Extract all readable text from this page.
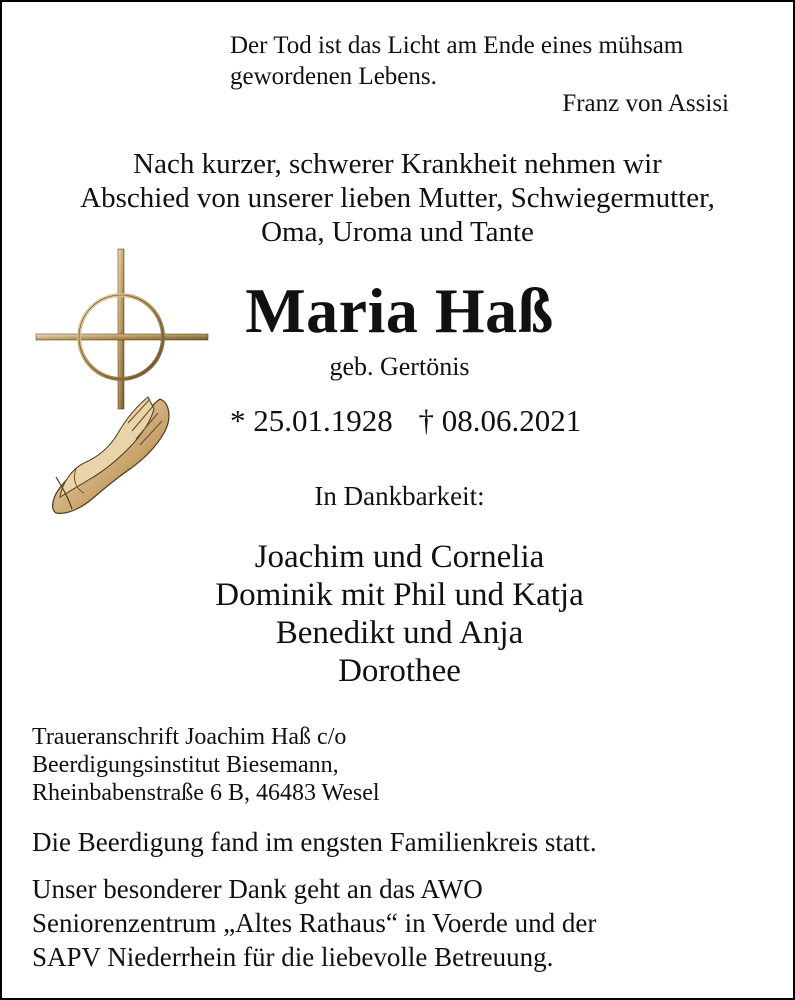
Der Tod ist das Licht am Ende eines mühsam
gewordenen Lebens.
Franz von Assisi
Nach kurzer, schwerer Krankheit nehmen wir
Abschied von unserer lieben Mutter, Schwiegermutter,
Oma, Uroma und Tante
Maria Haß
geb. Gertönis
* 25.01.1928 † 08.06.2021
In Dankbarkeit:
Joachim und Cornelia
Dominik mit Phil und Katja
Benedikt und Anja
Dorothee
Traueranschrift Joachim Haß c/o
Beerdigungsinstitut Biesemann,
Rheinbabenstraße 6 B, 46483 Wesel
Die Beerdigung fand im engsten Familienkreis statt.
Unser besonderer Dank geht an das AWO
Seniorenzentrum „Altes Rathaus“ in Voerde und der
SAPV Niederrhein für die liebevolle Betreuung.
